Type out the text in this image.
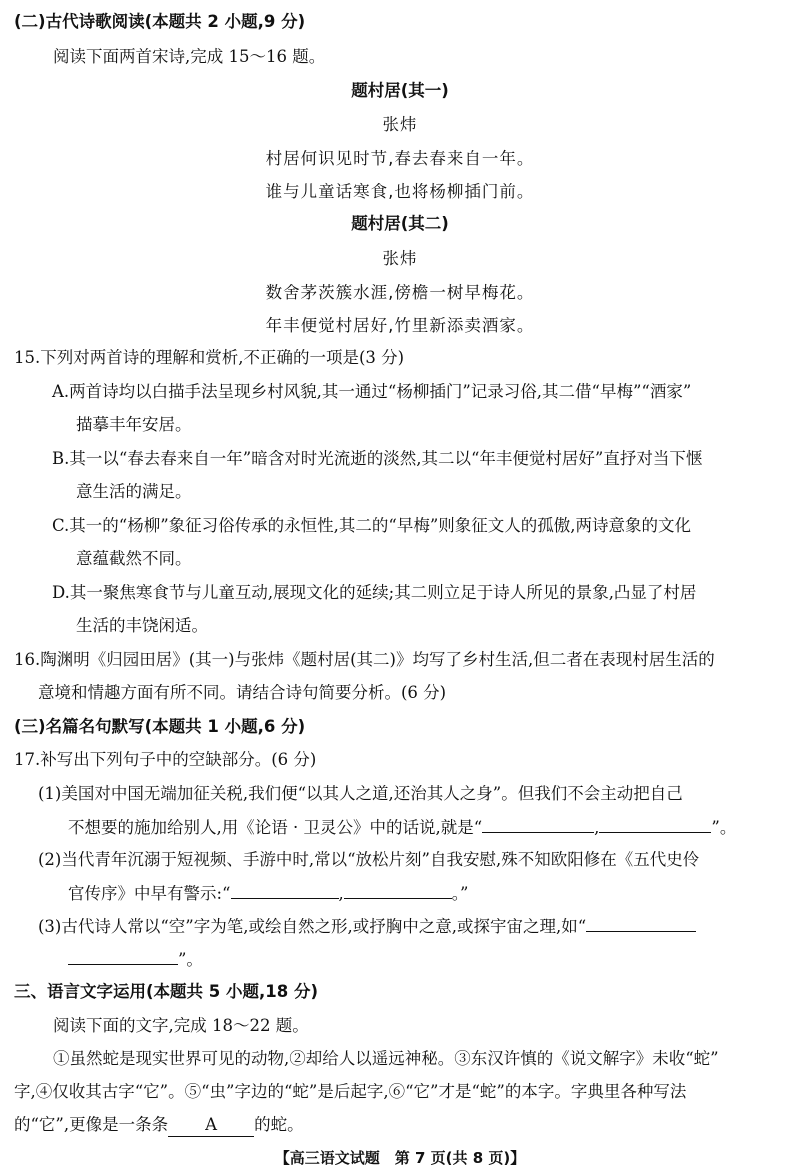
(二)古代诗歌阅读(本题共 2 小题,9 分)
阅读下面两首宋诗,完成 15～16 题。
题村居(其一)
张炜
村居何识见时节,春去春来自一年。
谁与儿童话寒食,也将杨柳插门前。
题村居(其二)
张炜
数舍茅茨簇水涯,傍檐一树早梅花。
年丰便觉村居好,竹里新添卖酒家。
15.下列对两首诗的理解和赏析,不正确的一项是(3 分)
A.两首诗均以白描手法呈现乡村风貌,其一通过“杨柳插门”记录习俗,其二借“早梅”“酒家”
描摹丰年安居。
B.其一以“春去春来自一年”暗含对时光流逝的淡然,其二以“年丰便觉村居好”直抒对当下惬
意生活的满足。
C.其一的“杨柳”象征习俗传承的永恒性,其二的“早梅”则象征文人的孤傲,两诗意象的文化
意蕴截然不同。
D.其一聚焦寒食节与儿童互动,展现文化的延续;其二则立足于诗人所见的景象,凸显了村居
生活的丰饶闲适。
16.陶渊明《归园田居》(其一)与张炜《题村居(其二)》均写了乡村生活,但二者在表现村居生活的
意境和情趣方面有所不同。请结合诗句简要分析。(6 分)
(三)名篇名句默写(本题共 1 小题,6 分)
17.补写出下列句子中的空缺部分。(6 分)
(1)美国对中国无端加征关税,我们便“以其人之道,还治其人之身”。但我们不会主动把自己
不想要的施加给别人,用《论语 · 卫灵公》中的话说,就是“	,	”。
(2)当代青年沉溺于短视频、手游中时,常以“放松片刻”自我安慰,殊不知欧阳修在《五代史伶
官传序》中早有警示:“	,	。”
(3)古代诗人常以“空”字为笔,或绘自然之形,或抒胸中之意,或探宇宙之理,如“
”。
三、语言文字运用(本题共 5 小题,18 分)
阅读下面的文字,完成 18～22 题。
①虽然蛇是现实世界可见的动物,②却给人以遥远神秘。③东汉许慎的《说文解字》未收“蛇”
字,④仅收其古字“它”。⑤“虫”字边的“蛇”是后起字,⑥“它”才是“蛇”的本字。字典里各种写法
的“它”,更像是一条条 A 的蛇。
【高三语文试题　第 7 页(共 8 页)】
